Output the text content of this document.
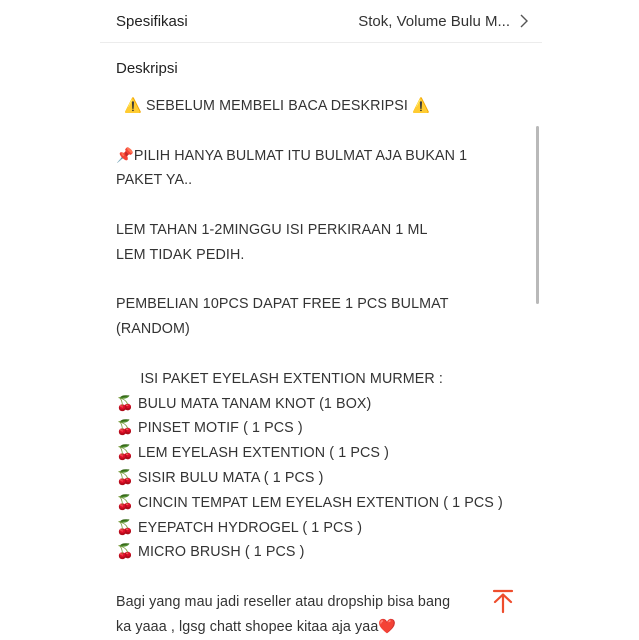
Spesifikasi	Stok, Volume Bulu M...
Deskripsi
⚠️ SEBELUM MEMBELI BACA DESKRIPSI ⚠️
📌PILIH HANYA BULMAT ITU BULMAT AJA BUKAN 1
PAKET YA..
LEM TAHAN 1-2MINGGU ISI PERKIRAAN 1 ML
LEM TIDAK PEDIH.
PEMBELIAN 10PCS DAPAT FREE 1 PCS BULMAT
(RANDOM)
ISI PAKET EYELASH EXTENTION MURMER :
🍒 BULU MATA TANAM KNOT (1 BOX)
🍒 PINSET MOTIF ( 1 PCS )
🍒 LEM EYELASH EXTENTION ( 1 PCS )
🍒 SISIR BULU MATA ( 1 PCS )
🍒 CINCIN TEMPAT LEM EYELASH EXTENTION ( 1 PCS )
🍒 EYEPATCH HYDROGEL ( 1 PCS )
🍒 MICRO BRUSH ( 1 PCS )
Bagi yang mau jadi reseller atau dropship bisa bang
ka yaaa , lgsg chatt shopee kitaa aja yaa❤️
